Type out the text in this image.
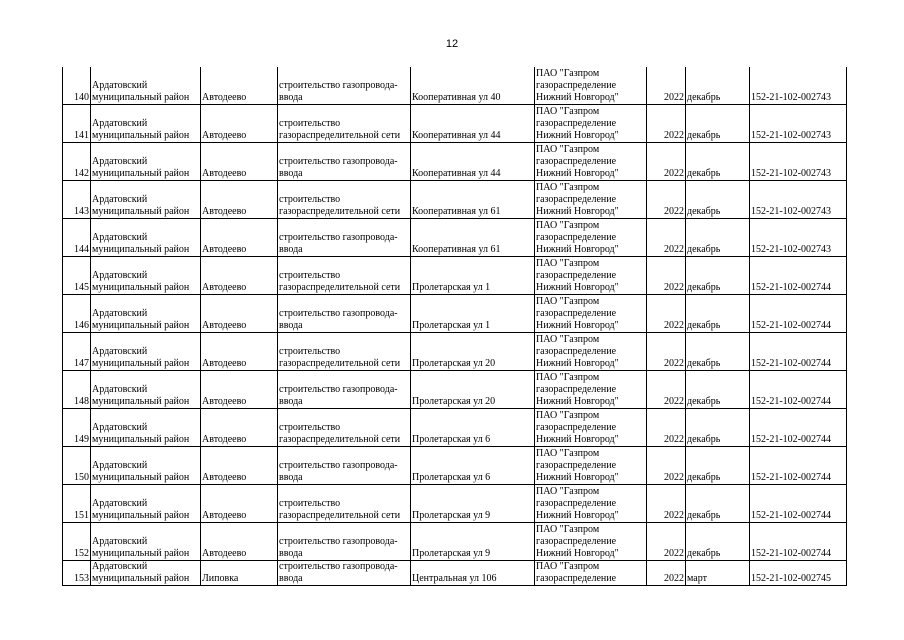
12
140	Ардатовский
муниципальный район	Автодеево	строительство газопровода-
ввода	Кооперативная ул 40	ПАО "Газпром
газораспределение
Нижний Новгород"	2022	декабрь	152-21-102-002743
141	Ардатовский
муниципальный район	Автодеево	строительство
газораспределительной сети	Кооперативная ул 44	ПАО "Газпром
газораспределение
Нижний Новгород"	2022	декабрь	152-21-102-002743
142	Ардатовский
муниципальный район	Автодеево	строительство газопровода-
ввода	Кооперативная ул 44	ПАО "Газпром
газораспределение
Нижний Новгород"	2022	декабрь	152-21-102-002743
143	Ардатовский
муниципальный район	Автодеево	строительство
газораспределительной сети	Кооперативная ул 61	ПАО "Газпром
газораспределение
Нижний Новгород"	2022	декабрь	152-21-102-002743
144	Ардатовский
муниципальный район	Автодеево	строительство газопровода-
ввода	Кооперативная ул 61	ПАО "Газпром
газораспределение
Нижний Новгород"	2022	декабрь	152-21-102-002743
145	Ардатовский
муниципальный район	Автодеево	строительство
газораспределительной сети	Пролетарская ул 1	ПАО "Газпром
газораспределение
Нижний Новгород"	2022	декабрь	152-21-102-002744
146	Ардатовский
муниципальный район	Автодеево	строительство газопровода-
ввода	Пролетарская ул 1	ПАО "Газпром
газораспределение
Нижний Новгород"	2022	декабрь	152-21-102-002744
147	Ардатовский
муниципальный район	Автодеево	строительство
газораспределительной сети	Пролетарская ул 20	ПАО "Газпром
газораспределение
Нижний Новгород"	2022	декабрь	152-21-102-002744
148	Ардатовский
муниципальный район	Автодеево	строительство газопровода-
ввода	Пролетарская ул 20	ПАО "Газпром
газораспределение
Нижний Новгород"	2022	декабрь	152-21-102-002744
149	Ардатовский
муниципальный район	Автодеево	строительство
газораспределительной сети	Пролетарская ул 6	ПАО "Газпром
газораспределение
Нижний Новгород"	2022	декабрь	152-21-102-002744
150	Ардатовский
муниципальный район	Автодеево	строительство газопровода-
ввода	Пролетарская ул 6	ПАО "Газпром
газораспределение
Нижний Новгород"	2022	декабрь	152-21-102-002744
151	Ардатовский
муниципальный район	Автодеево	строительство
газораспределительной сети	Пролетарская ул 9	ПАО "Газпром
газораспределение
Нижний Новгород"	2022	декабрь	152-21-102-002744
152	Ардатовский
муниципальный район	Автодеево	строительство газопровода-
ввода	Пролетарская ул 9	ПАО "Газпром
газораспределение
Нижний Новгород"	2022	декабрь	152-21-102-002744
153	Ардатовский
муниципальный район	Липовка	строительство газопровода-
ввода	Центральная ул 106	ПАО "Газпром
газораспределение	2022	март	152-21-102-002745
